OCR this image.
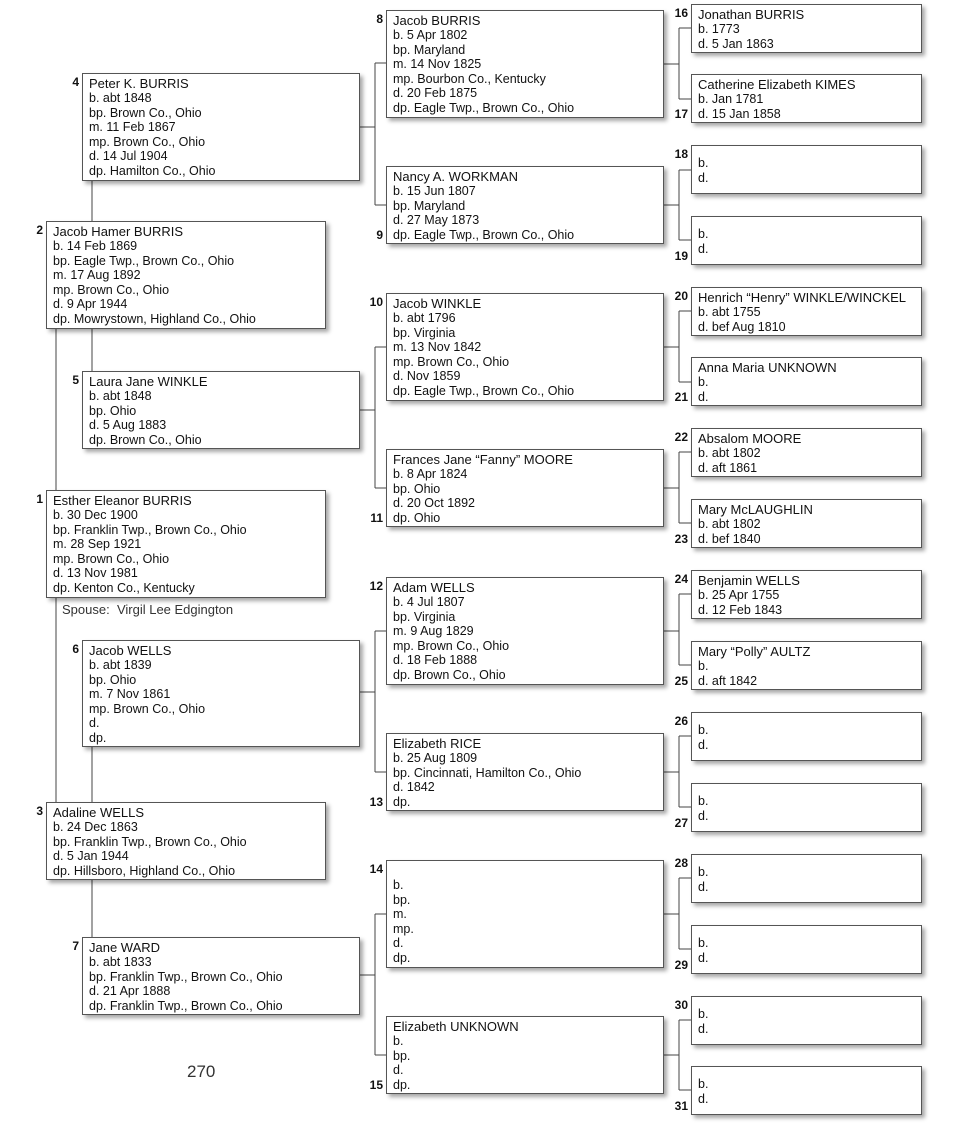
Esther Eleanor BURRIS
b. 30 Dec 1900
bp. Franklin Twp., Brown Co., Ohio
m. 28 Sep 1921
mp. Brown Co., Ohio
d. 13 Nov 1981
dp. Kenton Co., Kentucky
1
Jacob Hamer BURRIS
b. 14 Feb 1869
bp. Eagle Twp., Brown Co., Ohio
m. 17 Aug 1892
mp. Brown Co., Ohio
d. 9 Apr 1944
dp. Mowrystown, Highland Co., Ohio
2
Adaline WELLS
b. 24 Dec 1863
bp. Franklin Twp., Brown Co., Ohio
d. 5 Jan 1944
dp. Hillsboro, Highland Co., Ohio
3
Peter K. BURRIS
b. abt 1848
bp. Brown Co., Ohio
m. 11 Feb 1867
mp. Brown Co., Ohio
d. 14 Jul 1904
dp. Hamilton Co., Ohio
4
Laura Jane WINKLE
b. abt 1848
bp. Ohio
d. 5 Aug 1883
dp. Brown Co., Ohio
5
Jacob WELLS
b. abt 1839
bp. Ohio
m. 7 Nov 1861
mp. Brown Co., Ohio
d.
dp.
6
Jane WARD
b. abt 1833
bp. Franklin Twp., Brown Co., Ohio
d. 21 Apr 1888
dp. Franklin Twp., Brown Co., Ohio
7
Jacob BURRIS
b. 5 Apr 1802
bp. Maryland
m. 14 Nov 1825
mp. Bourbon Co., Kentucky
d. 20 Feb 1875
dp. Eagle Twp., Brown Co., Ohio
8
Nancy A. WORKMAN
b. 15 Jun 1807
bp. Maryland
d. 27 May 1873
dp. Eagle Twp., Brown Co., Ohio
9
Jacob WINKLE
b. abt 1796
bp. Virginia
m. 13 Nov 1842
mp. Brown Co., Ohio
d. Nov 1859
dp. Eagle Twp., Brown Co., Ohio
10
Frances Jane “Fanny” MOORE
b. 8 Apr 1824
bp. Ohio
d. 20 Oct 1892
dp. Ohio
11
Adam WELLS
b. 4 Jul 1807
bp. Virginia
m. 9 Aug 1829
mp. Brown Co., Ohio
d. 18 Feb 1888
dp. Brown Co., Ohio
12
Elizabeth RICE
b. 25 Aug 1809
bp. Cincinnati, Hamilton Co., Ohio
d. 1842
dp.
13
b.
bp.
m.
mp.
d.
dp.
14
Elizabeth UNKNOWN
b.
bp.
d.
dp.
15
Jonathan BURRIS
b. 1773
d. 5 Jan 1863
16
Catherine Elizabeth KIMES
b. Jan 1781
d. 15 Jan 1858
17
b.
d.
18
b.
d.
19
Henrich “Henry” WINKLE/WINCKEL
b. abt 1755
d. bef Aug 1810
20
Anna Maria UNKNOWN
b.
d.
21
Absalom MOORE
b. abt 1802
d. aft 1861
22
Mary McLAUGHLIN
b. abt 1802
d. bef 1840
23
Benjamin WELLS
b. 25 Apr 1755
d. 12 Feb 1843
24
Mary “Polly” AULTZ
b.
d. aft 1842
25
b.
d.
26
b.
d.
27
b.
d.
28
b.
d.
29
b.
d.
30
b.
d.
31
Spouse: Virgil Lee Edgington
270
